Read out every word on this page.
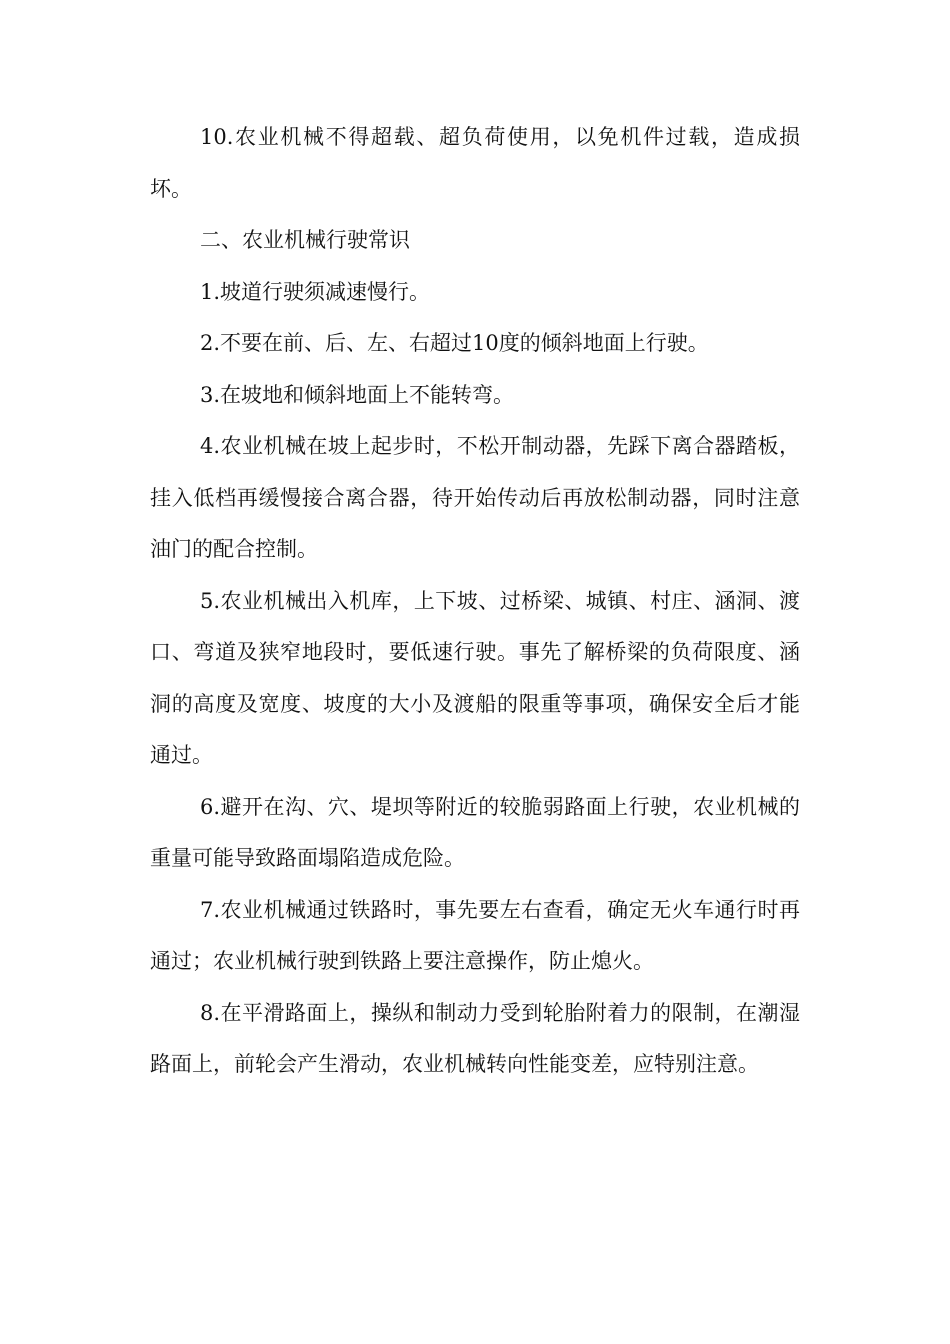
10.农业机械不得超载、超负荷使用，以免机件过载，造成损坏。

二、农业机械行驶常识

1.坡道行驶须减速慢行。

2.不要在前、后、左、右超过10度的倾斜地面上行驶。

3.在坡地和倾斜地面上不能转弯。

4.农业机械在坡上起步时，不松开制动器，先踩下离合器踏板，挂入低档再缓慢接合离合器，待开始传动后再放松制动器，同时注意油门的配合控制。

5.农业机械出入机库，上下坡、过桥梁、城镇、村庄、涵洞、渡口、弯道及狭窄地段时，要低速行驶。事先了解桥梁的负荷限度、涵洞的高度及宽度、坡度的大小及渡船的限重等事项，确保安全后才能通过。

6.避开在沟、穴、堤坝等附近的较脆弱路面上行驶，农业机械的重量可能导致路面塌陷造成危险。

7.农业机械通过铁路时，事先要左右查看，确定无火车通行时再通过；农业机械行驶到铁路上要注意操作，防止熄火。

8.在平滑路面上，操纵和制动力受到轮胎附着力的限制，在潮湿路面上，前轮会产生滑动，农业机械转向性能变差，应特别注意。
